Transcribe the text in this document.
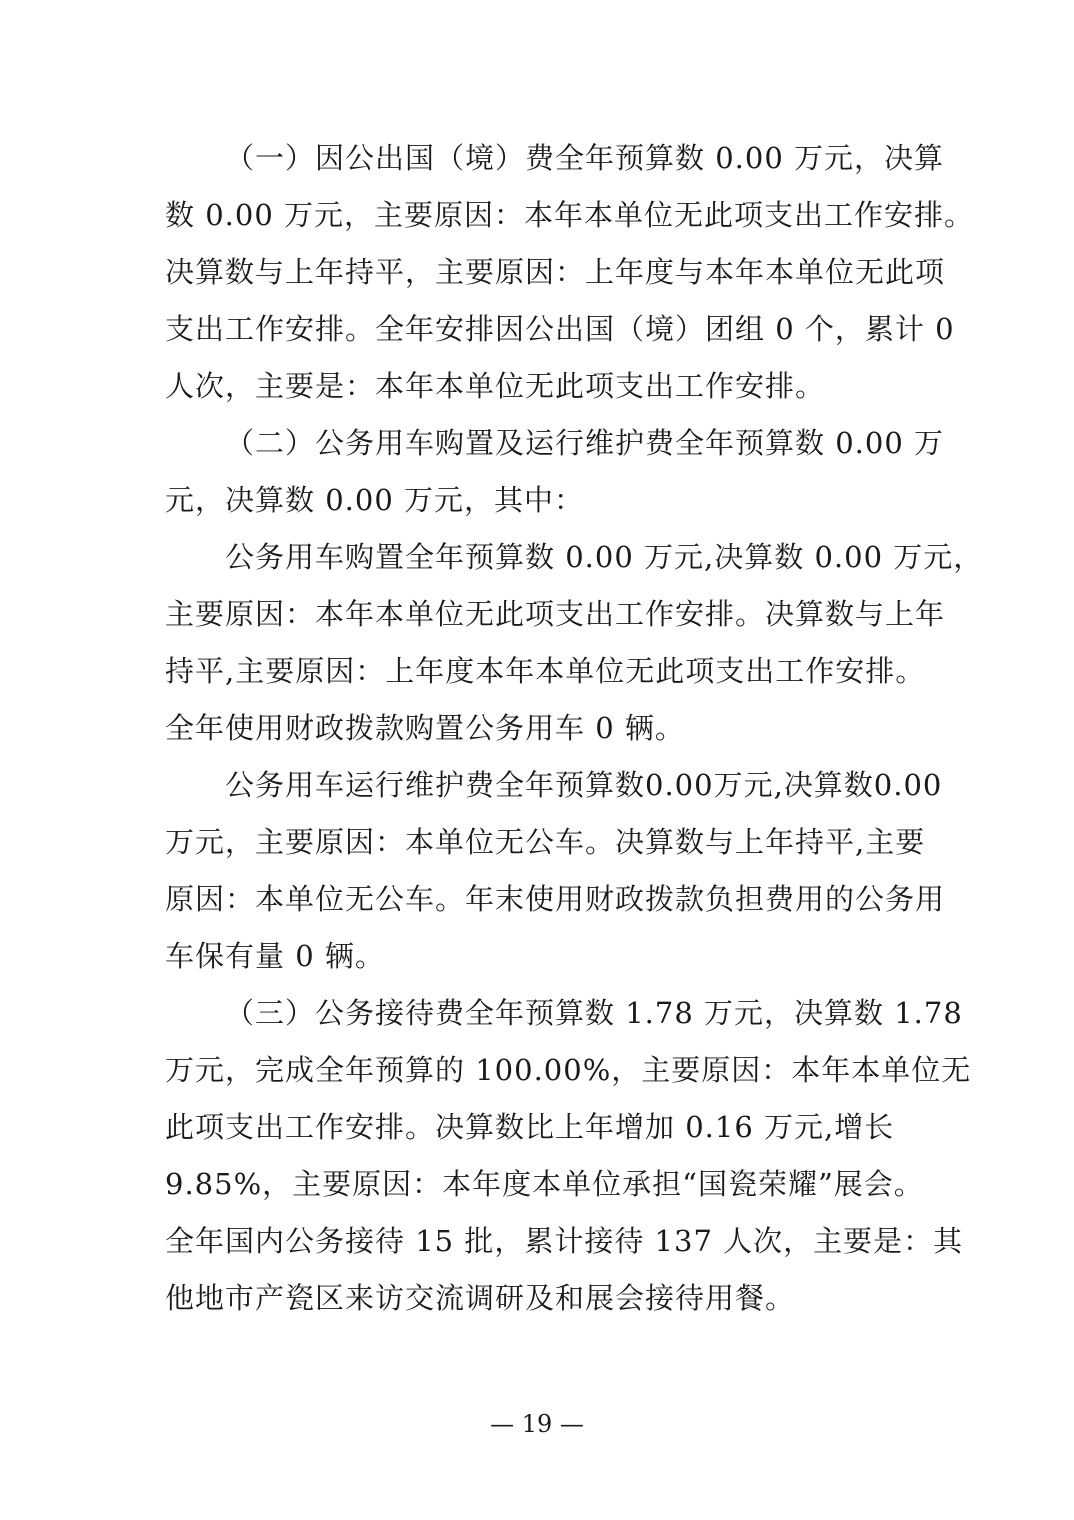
（一）因公出国（境）费全年预算数 0.00 万元，决算
数 0.00 万元，主要原因：本年本单位无此项支出工作安排。
决算数与上年持平，主要原因：上年度与本年本单位无此项
支出工作安排。全年安排因公出国（境）团组 0 个，累计 0
人次，主要是：本年本单位无此项支出工作安排。
（二）公务用车购置及运行维护费全年预算数 0.00 万
元，决算数 0.00 万元，其中：
公务用车购置全年预算数 0.00 万元,决算数 0.00 万元，
主要原因：本年本单位无此项支出工作安排。决算数与上年
持平,主要原因：上年度本年本单位无此项支出工作安排。
全年使用财政拨款购置公务用车 0 辆。
公务用车运行维护费全年预算数0.00万元,决算数0.00
万元，主要原因：本单位无公车。决算数与上年持平,主要
原因：本单位无公车。年末使用财政拨款负担费用的公务用
车保有量 0 辆。
（三）公务接待费全年预算数 1.78 万元，决算数 1.78
万元，完成全年预算的 100.00%，主要原因：本年本单位无
此项支出工作安排。决算数比上年增加 0.16 万元,增长
9.85%，主要原因：本年度本单位承担“国瓷荣耀”展会。
全年国内公务接待 15 批，累计接待 137 人次，主要是：其
他地市产瓷区来访交流调研及和展会接待用餐。
— 19 —
